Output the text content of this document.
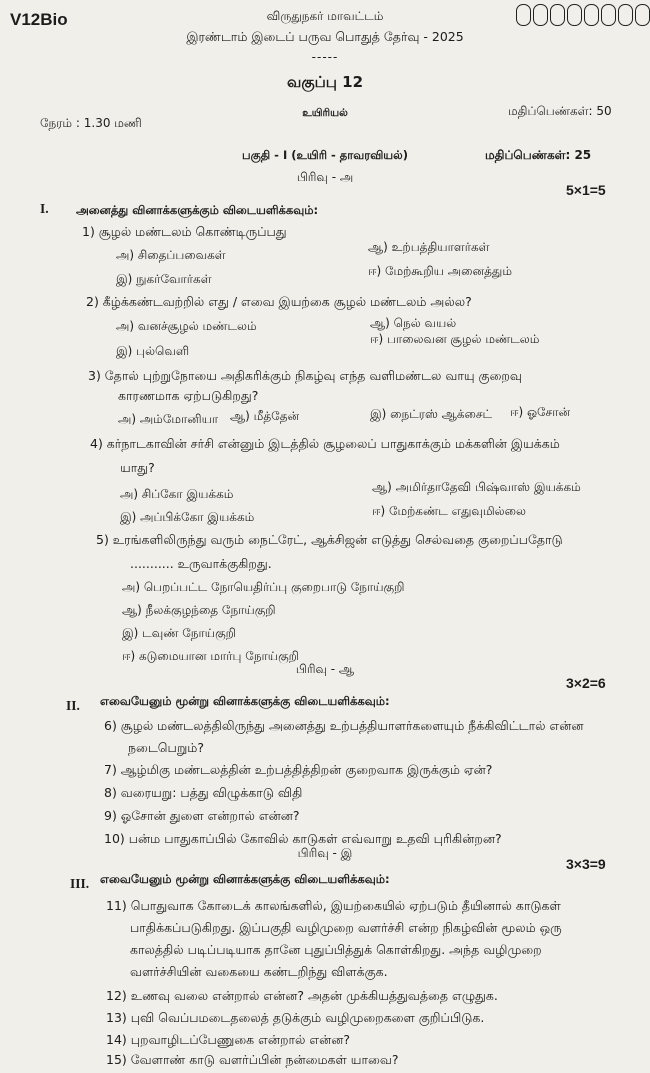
V12Bio	விருதுநகர் மாவட்டம்
இரண்டாம் இடைப் பருவ பொதுத் தேர்வு - 2025
-----
வகுப்பு 12
உயிரியல்
நேரம் : 1.30 மணி
மதிப்பெண்கள்: 50
பகுதி - I (உயிரி - தாவரவியல்)	மதிப்பெண்கள்: 25
பிரிவு - அ
5×1=5
I. அனைத்து வினாக்களுக்கும் விடையளிக்கவும்:
1) சூழல் மண்டலம் கொண்டிருப்பது
அ) சிதைப்பவைகள்
ஆ) உற்பத்தியாளர்கள்
இ) நுகர்வோர்கள்
ஈ) மேற்கூறிய அனைத்தும்
2) கீழ்க்கண்டவற்றில் எது / எவை இயற்கை சூழல் மண்டலம் அல்ல?
அ) வனச்சூழல் மண்டலம்	ஆ) நெல் வயல்
இ) புல்வெளி
ஈ) பாலைவன சூழல் மண்டலம்
3) தோல் புற்றுநோயை அதிகரிக்கும் நிகழ்வு எந்த வளிமண்டல வாயு குறைவு
காரணமாக ஏற்படுகிறது?
அ) அம்மோனியா ஆ) மீத்தேன்	இ) நைட்ரஸ் ஆக்சைட் ஈ) ஓசோன்
4) கர்நாடகாவின் சர்சி என்னும் இடத்தில் சூழலைப் பாதுகாக்கும் மக்களின் இயக்கம்
யாது?
அ) சிப்கோ இயக்கம்	ஆ) அமிர்தாதேவி பிஷ்வாஸ் இயக்கம்
இ) அப்பிக்கோ இயக்கம்	ஈ) மேற்கண்ட எதுவுமில்லை
5) உரங்களிலிருந்து வரும் நைட்ரேட், ஆக்சிஜன் எடுத்து செல்வதை குறைப்பதோடு
........... உருவாக்குகிறது.
அ) பெறப்பட்ட நோயெதிர்ப்பு குறைபாடு நோய்குறி
ஆ) நீலக்குழந்தை நோய்குறி
இ) டவுண் நோய்குறி
ஈ) கடுமையான மார்பு நோய்குறி
பிரிவு - ஆ
3×2=6
II. எவையேனும் மூன்று வினாக்களுக்கு விடையளிக்கவும்:
6) சூழல் மண்டலத்திலிருந்து அனைத்து உற்பத்தியாளர்களையும் நீக்கிவிட்டால் என்ன
நடைபெறும்?
7) ஆழ்மிகு மண்டலத்தின் உற்பத்தித்திறன் குறைவாக இருக்கும் ஏன்?
8) வரையறு: பத்து விழுக்காடு விதி
9) ஓசோன் துளை என்றால் என்ன?
10) பன்ம பாதுகாப்பில் கோவில் காடுகள் எவ்வாறு உதவி புரிகின்றன?
பிரிவு - இ
3×3=9
III. எவையேனும் மூன்று வினாக்களுக்கு விடையளிக்கவும்:
11) பொதுவாக கோடைக் காலங்களில், இயற்கையில் ஏற்படும் தீயினால் காடுகள்
பாதிக்கப்படுகிறது. இப்பகுதி வழிமுறை வளர்ச்சி என்ற நிகழ்வின் மூலம் ஒரு
காலத்தில் படிப்படியாக தானே புதுப்பித்துக் கொள்கிறது. அந்த வழிமுறை
வளர்ச்சியின் வகையை கண்டறிந்து விளக்குக.
12) உணவு வலை என்றால் என்ன? அதன் முக்கியத்துவத்தை எழுதுக.
13) புவி வெப்பமடைதலைத் தடுக்கும் வழிமுறைகளை குறிப்பிடுக.
14) புறவாழிடப்பேணுகை என்றால் என்ன?
15) வேளாண் காடு வளர்ப்பின் நன்மைகள் யாவை?
